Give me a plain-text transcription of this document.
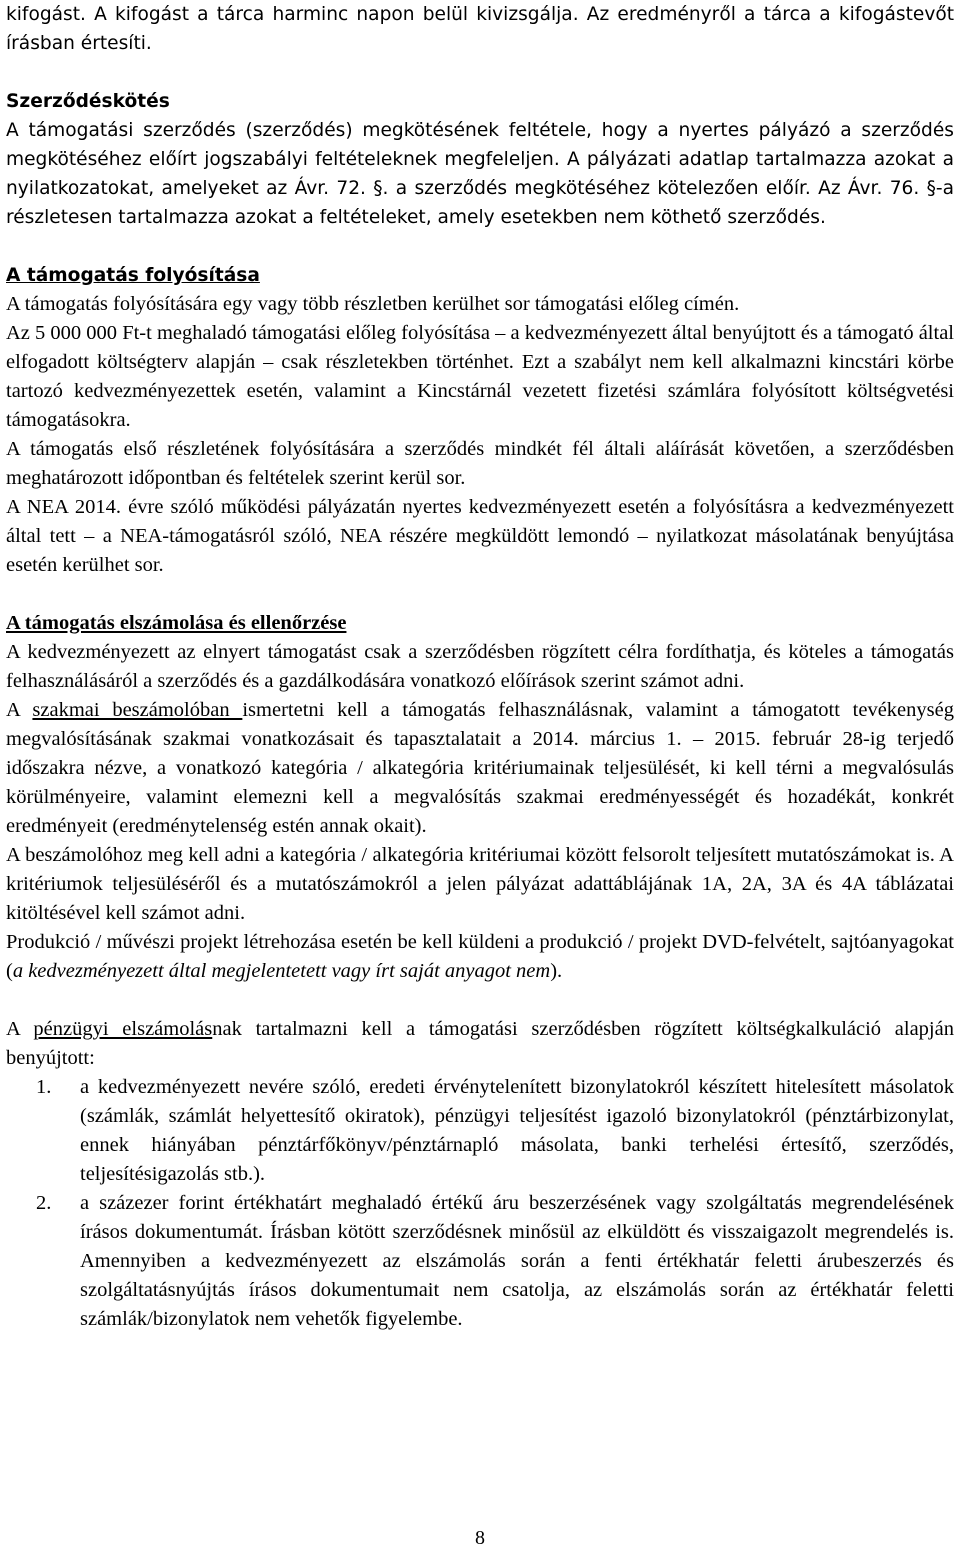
kifogást. A kifogást a tárca harminc napon belül kivizsgálja. Az eredményről a tárca a kifogástevőt írásban értesíti.

Szerződéskötés

A támogatási szerződés (szerződés) megkötésének feltétele, hogy a nyertes pályázó a szerződés megkötéséhez előírt jogszabályi feltételeknek megfeleljen. A pályázati adatlap tartalmazza azokat a nyilatkozatokat, amelyeket az Ávr. 72. §. a szerződés megkötéséhez kötelezően előír. Az Ávr. 76. §-a részletesen tartalmazza azokat a feltételeket, amely esetekben nem köthető szerződés.

A támogatás folyósítása

A támogatás folyósítására egy vagy több részletben kerülhet sor támogatási előleg címén.

Az 5 000 000 Ft-t meghaladó támogatási előleg folyósítása – a kedvezményezett által benyújtott és a támogató által elfogadott költségterv alapján – csak részletekben történhet. Ezt a szabályt nem kell alkalmazni kincstári körbe tartozó kedvezményezettek esetén, valamint a Kincstárnál vezetett fizetési számlára folyósított költségvetési támogatásokra.

A támogatás első részletének folyósítására a szerződés mindkét fél általi aláírását követően, a szerződésben meghatározott időpontban és feltételek szerint kerül sor.

A NEA 2014. évre szóló működési pályázatán nyertes kedvezményezett esetén a folyósításra a kedvezményezett által tett – a NEA-támogatásról szóló, NEA részére megküldött lemondó – nyilatkozat másolatának benyújtása esetén kerülhet sor.

A támogatás elszámolása és ellenőrzése

A kedvezményezett az elnyert támogatást csak a szerződésben rögzített célra fordíthatja, és köteles a támogatás felhasználásáról a szerződés és a gazdálkodására vonatkozó előírások szerint számot adni.

A szakmai beszámolóban ismertetni kell a támogatás felhasználásnak, valamint a támogatott tevékenység megvalósításának szakmai vonatkozásait és tapasztalatait a 2014. március 1. – 2015. február 28-ig terjedő időszakra nézve, a vonatkozó kategória / alkategória kritériumainak teljesülését, ki kell térni a megvalósulás körülményeire, valamint elemezni kell a megvalósítás szakmai eredményességét és hozadékát, konkrét eredményeit (eredménytelenség estén annak okait).

A beszámolóhoz meg kell adni a kategória / alkategória kritériumai között felsorolt teljesített mutatószámokat is. A kritériumok teljesüléséről és a mutatószámokról a jelen pályázat adattáblájának 1A, 2A, 3A és 4A táblázatai kitöltésével kell számot adni.

Produkció / művészi projekt létrehozása esetén be kell küldeni a produkció / projekt DVD-felvételt, sajtóanyagokat (a kedvezményezett által megjelentetett vagy írt saját anyagot nem).

A pénzügyi elszámolásnak tartalmazni kell a támogatási szerződésben rögzített költségkalkuláció alapján benyújtott:

1.	a kedvezményezett nevére szóló, eredeti érvénytelenített bizonylatokról készített hitelesített másolatok (számlák, számlát helyettesítő okiratok), pénzügyi teljesítést igazoló bizonylatokról (pénztárbizonylat, ennek hiányában pénztárfőkönyv/pénztárnapló másolata, banki terhelési értesítő, szerződés, teljesítésigazolás stb.).
2.	a százezer forint értékhatárt meghaladó értékű áru beszerzésének vagy szolgáltatás megrendelésének írásos dokumentumát. Írásban kötött szerződésnek minősül az elküldött és visszaigazolt megrendelés is. Amennyiben a kedvezményezett az elszámolás során a fenti értékhatár feletti árubeszerzés és szolgáltatásnyújtás írásos dokumentumait nem csatolja, az elszámolás során az értékhatár feletti számlák/bizonylatok nem vehetők figyelembe.
8
